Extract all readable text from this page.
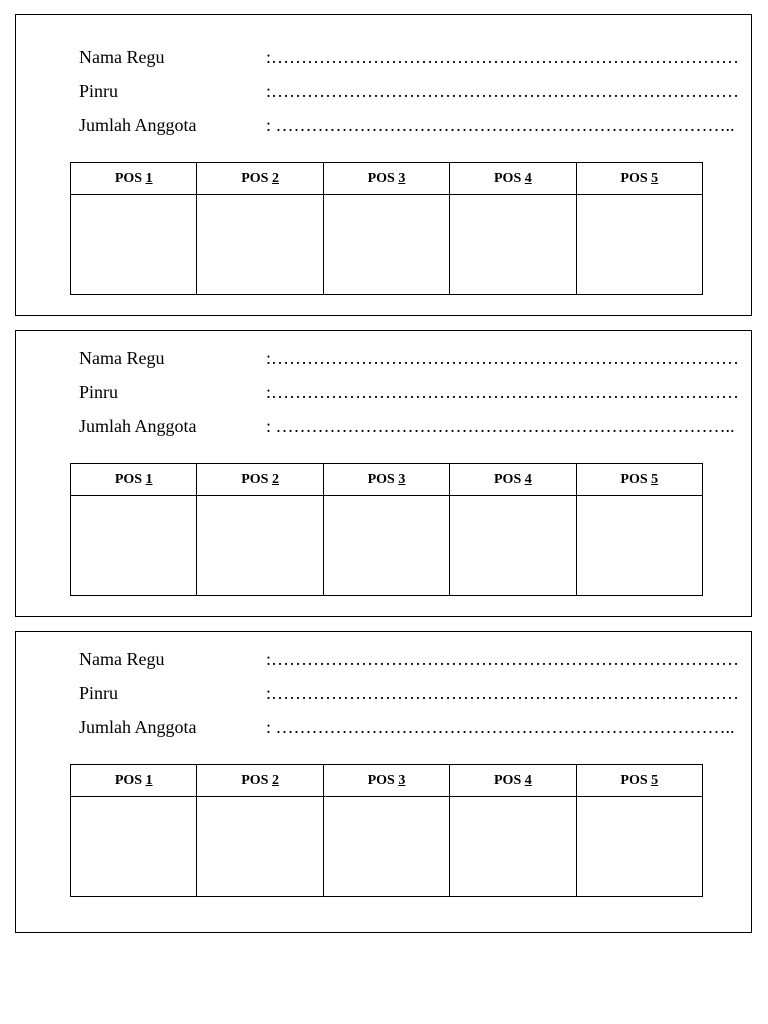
Nama Regu	:……………………………………………………………………
Pinru	:……………………………………………………………………
Jumlah Anggota	: …………………………………………………………………..
POS 1	POS 2	POS 3	POS 4	POS 5

Nama Regu	:……………………………………………………………………
Pinru	:……………………………………………………………………
Jumlah Anggota	: …………………………………………………………………..
POS 1	POS 2	POS 3	POS 4	POS 5

Nama Regu	:……………………………………………………………………
Pinru	:……………………………………………………………………
Jumlah Anggota	: …………………………………………………………………..
POS 1	POS 2	POS 3	POS 4	POS 5
